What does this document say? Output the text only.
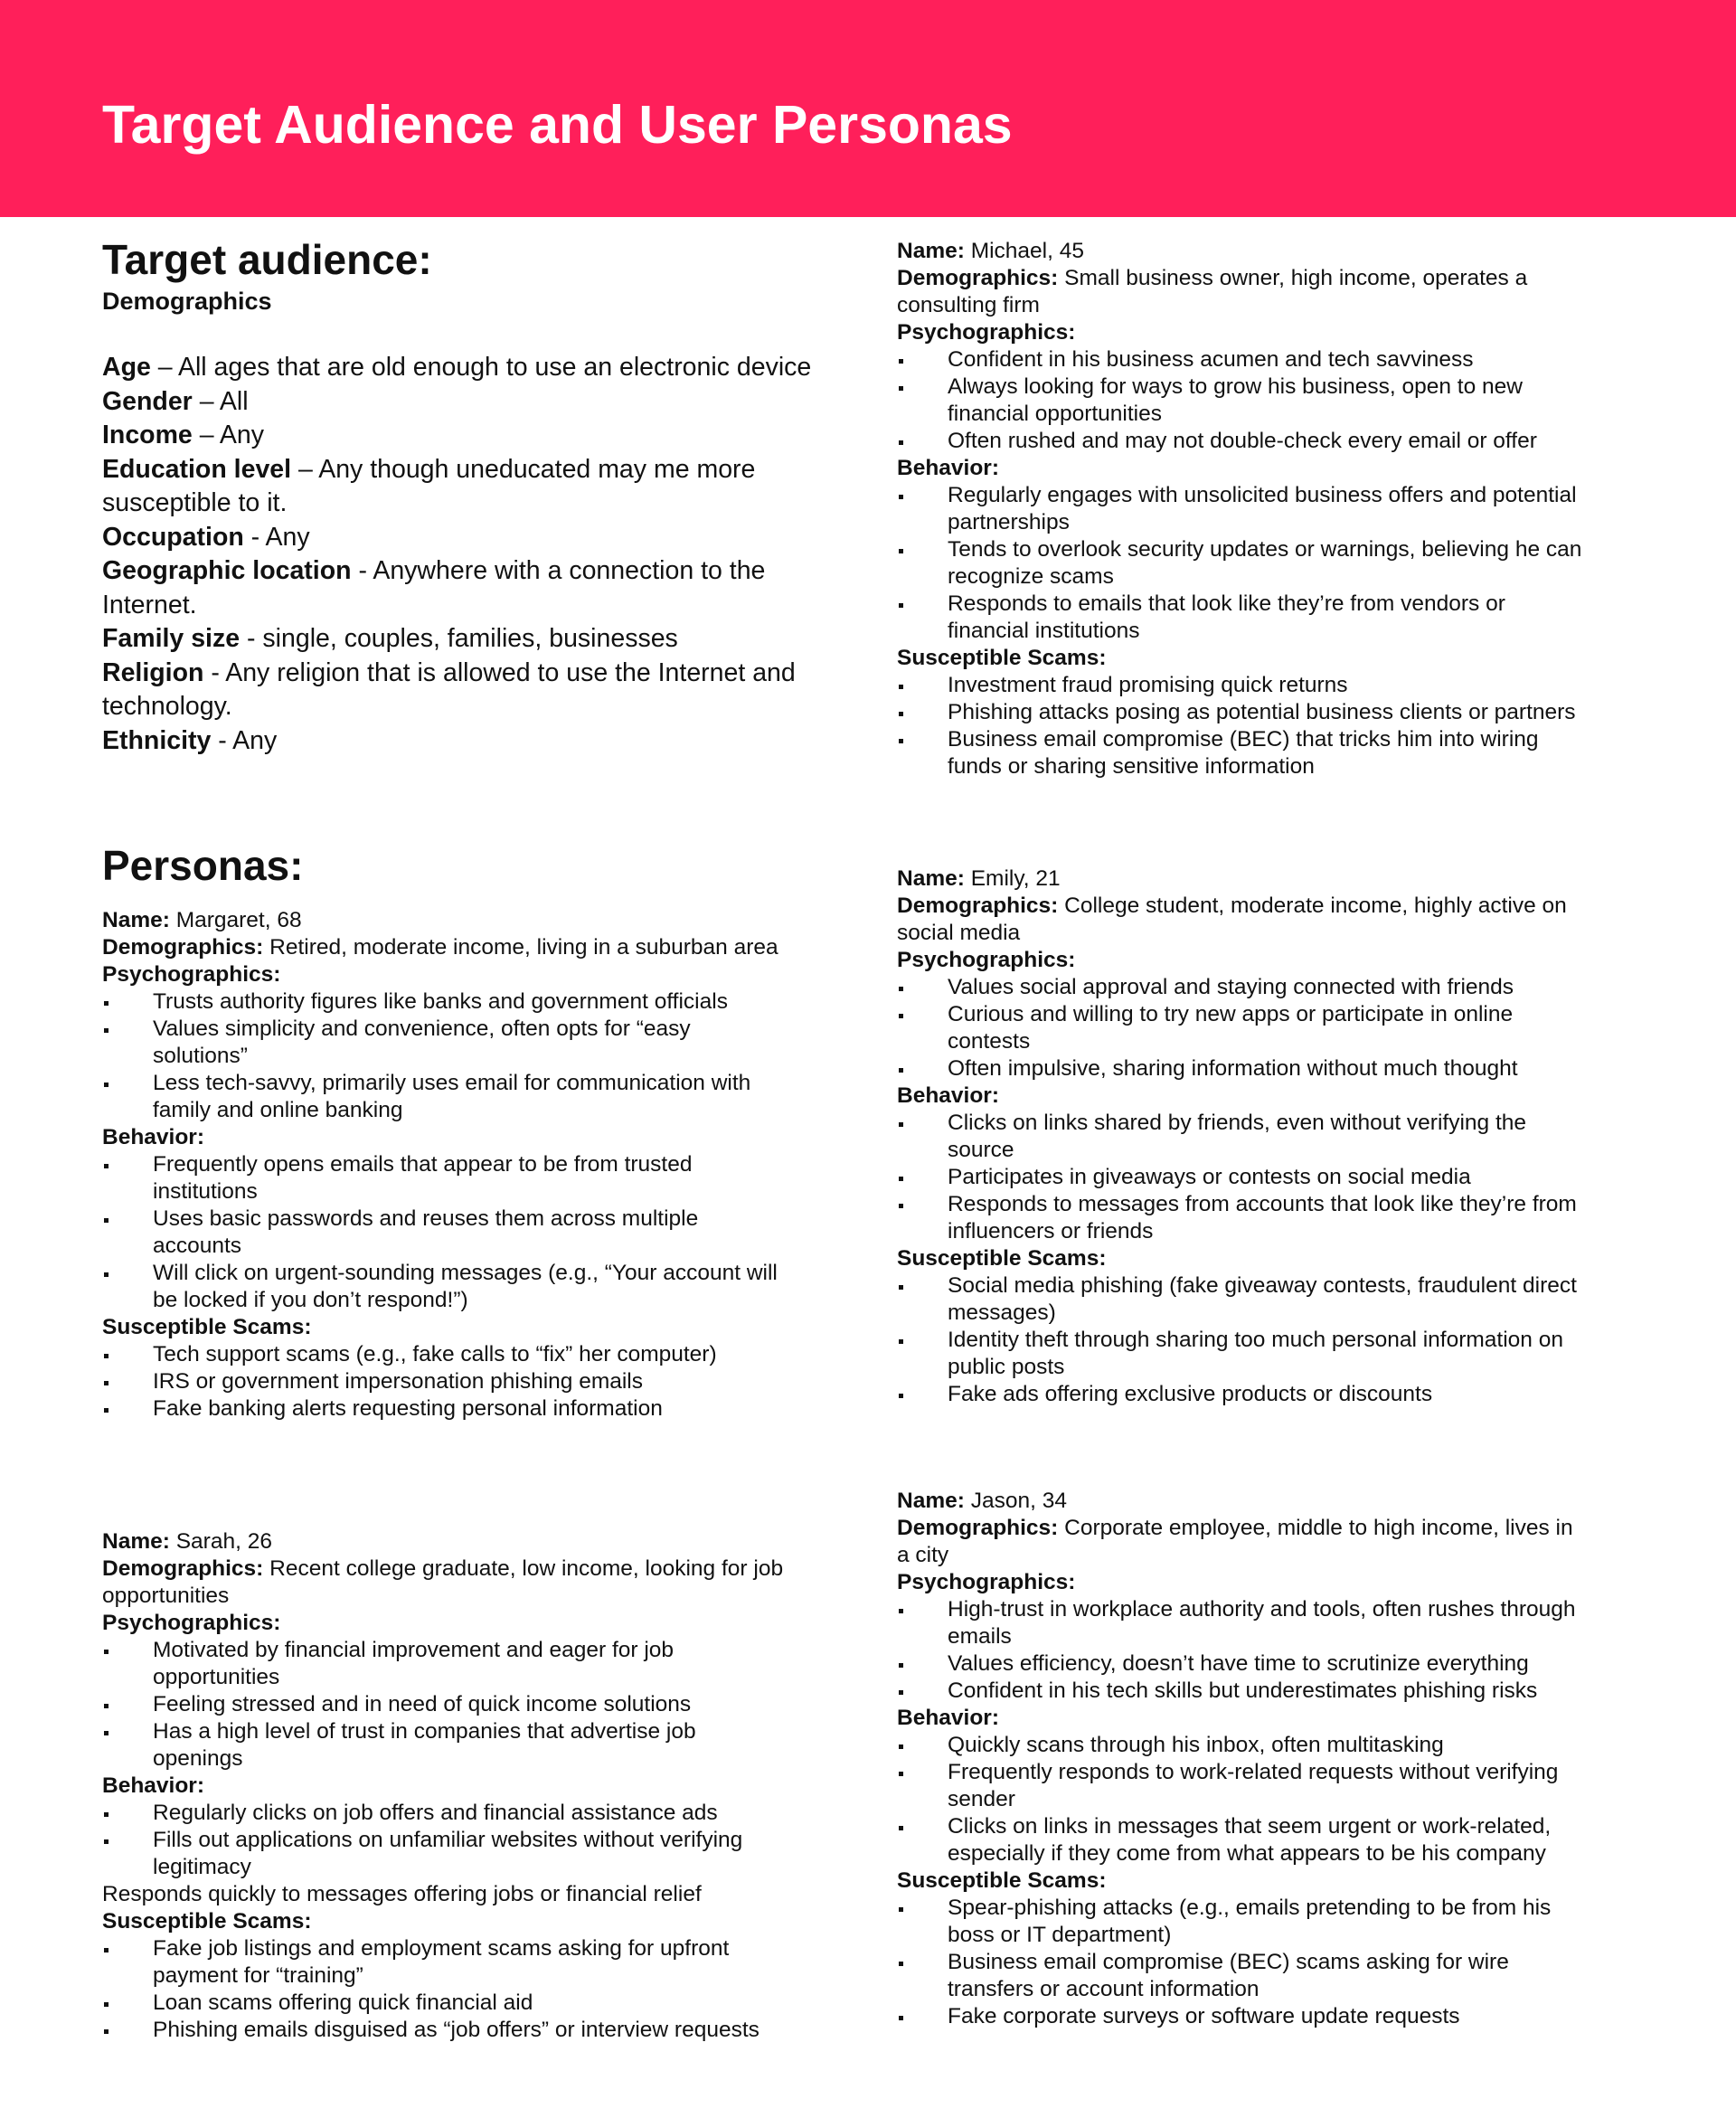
Target Audience and User Personas
Target audience:
Demographics
Age – All ages that are old enough to use an electronic device
Gender – All
Income – Any
Education level – Any though uneducated may me more susceptible to it.
Occupation - Any
Geographic location - Anywhere with a connection to the Internet.
Family size - single, couples, families, businesses
Religion - Any religion that is allowed to use the Internet and technology.
Ethnicity - Any
Personas:
Name: Margaret, 68
Demographics: Retired, moderate income, living in a suburban area
Psychographics:
Trusts authority figures like banks and government officials
Values simplicity and convenience, often opts for “easy solutions”
Less tech-savvy, primarily uses email for communication with family and online banking
Behavior:
Frequently opens emails that appear to be from trusted institutions
Uses basic passwords and reuses them across multiple accounts
Will click on urgent-sounding messages (e.g., “Your account will be locked if you don’t respond!”)
Susceptible Scams:
Tech support scams (e.g., fake calls to “fix” her computer)
IRS or government impersonation phishing emails
Fake banking alerts requesting personal information
Name: Sarah, 26
Demographics: Recent college graduate, low income, looking for job opportunities
Psychographics:
Motivated by financial improvement and eager for job opportunities
Feeling stressed and in need of quick income solutions
Has a high level of trust in companies that advertise job openings
Behavior:
Regularly clicks on job offers and financial assistance ads
Fills out applications on unfamiliar websites without verifying legitimacy
Responds quickly to messages offering jobs or financial relief
Susceptible Scams:
Fake job listings and employment scams asking for upfront payment for “training”
Loan scams offering quick financial aid
Phishing emails disguised as “job offers” or interview requests
Name: Michael, 45
Demographics: Small business owner, high income, operates a consulting firm
Psychographics:
Confident in his business acumen and tech savviness
Always looking for ways to grow his business, open to new financial opportunities
Often rushed and may not double-check every email or offer
Behavior:
Regularly engages with unsolicited business offers and potential partnerships
Tends to overlook security updates or warnings, believing he can recognize scams
Responds to emails that look like they’re from vendors or financial institutions
Susceptible Scams:
Investment fraud promising quick returns
Phishing attacks posing as potential business clients or partners
Business email compromise (BEC) that tricks him into wiring funds or sharing sensitive information
Name: Emily, 21
Demographics: College student, moderate income, highly active on social media
Psychographics:
Values social approval and staying connected with friends
Curious and willing to try new apps or participate in online contests
Often impulsive, sharing information without much thought
Behavior:
Clicks on links shared by friends, even without verifying the source
Participates in giveaways or contests on social media
Responds to messages from accounts that look like they’re from influencers or friends
Susceptible Scams:
Social media phishing (fake giveaway contests, fraudulent direct messages)
Identity theft through sharing too much personal information on public posts
Fake ads offering exclusive products or discounts
Name: Jason, 34
Demographics: Corporate employee, middle to high income, lives in a city
Psychographics:
High-trust in workplace authority and tools, often rushes through emails
Values efficiency, doesn’t have time to scrutinize everything
Confident in his tech skills but underestimates phishing risks
Behavior:
Quickly scans through his inbox, often multitasking
Frequently responds to work-related requests without verifying sender
Clicks on links in messages that seem urgent or work-related, especially if they come from what appears to be his company
Susceptible Scams:
Spear-phishing attacks (e.g., emails pretending to be from his boss or IT department)
Business email compromise (BEC) scams asking for wire transfers or account information
Fake corporate surveys or software update requests
